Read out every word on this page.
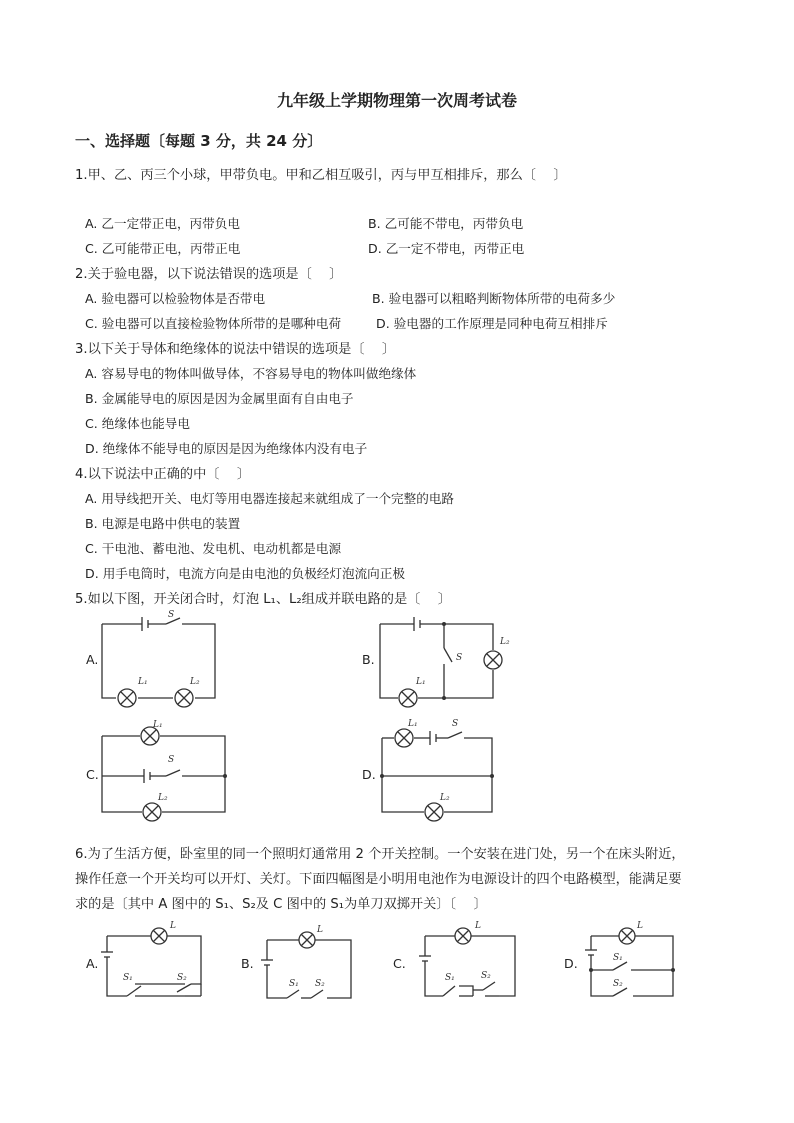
九年级上学期物理第一次周考试卷
一、选择题〔每题 3 分，共 24 分〕
1.甲、乙、丙三个小球，甲带负电。甲和乙相互吸引，丙与甲互相排斥，那么〔　 〕
A. 乙一定带正电，丙带负电	B. 乙可能不带电，丙带负电
C. 乙可能带正电，丙带正电	D. 乙一定不带电，丙带正电
2.关于验电器，以下说法错误的选项是〔　 〕
A. 验电器可以检验物体是否带电	B. 验电器可以粗略判断物体所带的电荷多少
C. 验电器可以直接检验物体所带的是哪种电荷	D. 验电器的工作原理是同种电荷互相排斥
3.以下关于导体和绝缘体的说法中错误的选项是〔　 〕
A. 容易导电的物体叫做导体，不容易导电的物体叫做绝缘体
B. 金属能导电的原因是因为金属里面有自由电子
C. 绝缘体也能导电
D. 绝缘体不能导电的原因是因为绝缘体内没有电子
4.以下说法中正确的中〔　 〕
A. 用导线把开关、电灯等用电器连接起来就组成了一个完整的电路
B. 电源是电路中供电的装置
C. 干电池、蓄电池、发电机、电动机都是电源
D. 用手电筒时，电流方向是由电池的负极经灯泡流向正极
5.如以下图，开关闭合时，灯泡 L₁、L₂组成并联电路的是〔　 〕
A.	B.
C.	D.
S
L₁	L₂
S
L₁
L₂
L₁
S
L₂
L₁	S
L₂
6.为了生活方便，卧室里的同一个照明灯通常用 2 个开关控制。一个安装在进门处，另一个在床头附近，
操作任意一个开关均可以开灯、关灯。下面四幅图是小明用电池作为电源设计的四个电路模型，能满足要
求的是〔其中 A 图中的 S₁、S₂及 C 图中的 S₁为单刀双掷开关〕〔　 〕
A.	B.	C.	D.
L
S₁	S₂
L
S₁ S₂
L
S₁	S₂
L
S₁
S₂
